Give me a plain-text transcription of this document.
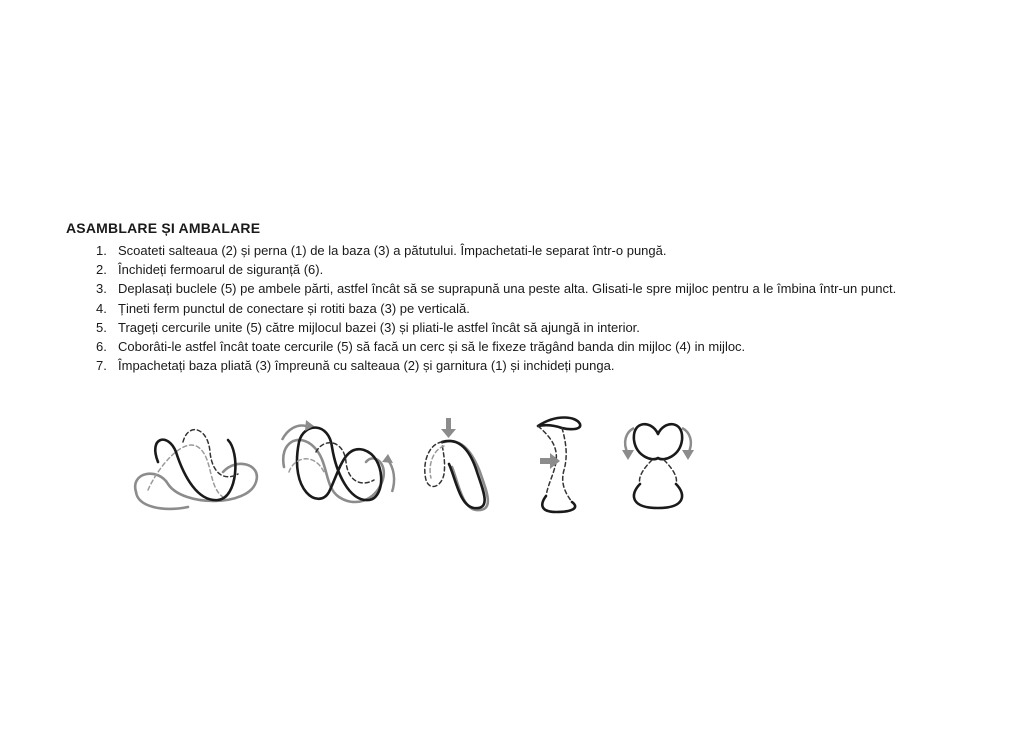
ASAMBLARE ȘI AMBALARE
1. Scoateti salteaua (2) și perna (1) de la baza (3) a pătutului. Împachetati-le separat într-o pungă.
2. Închideți fermoarul de siguranță (6).
3. Deplasați buclele (5) pe ambele părti, astfel încât să se suprapună una peste alta. Glisati-le spre mijloc pentru a le îmbina într-un punct.
4. Țineti ferm punctul de conectare și rotiti baza (3) pe verticală.
5. Trageți cercurile unite (5) către mijlocul bazei (3) și pliati-le astfel încât să ajungă in interior.
6. Coborâti-le astfel încât toate cercurile (5) să facă un cerc și să le fixeze trăgând banda din mijloc (4) in mijloc.
7. Împachetați baza pliată (3) împreună cu salteaua (2) și garnitura (1) și inchideți punga.
